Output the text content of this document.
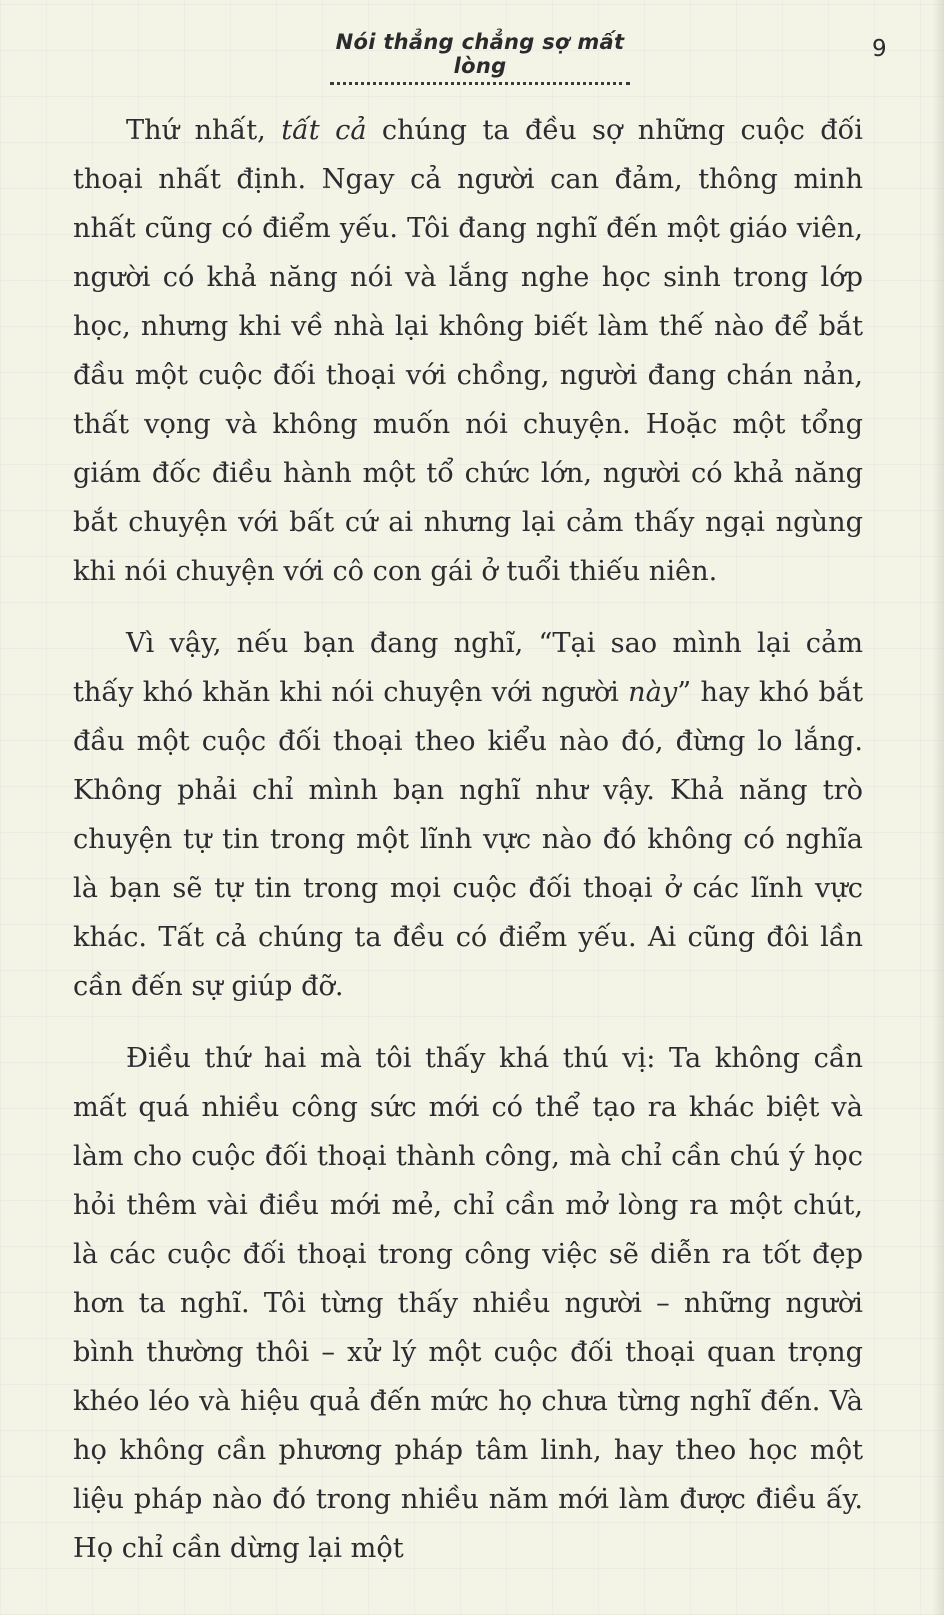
Nói thẳng chẳng sợ mất lòng
9

Thứ nhất, tất cả chúng ta đều sợ những cuộc đối thoại nhất định. Ngay cả người can đảm, thông minh nhất cũng có điểm yếu. Tôi đang nghĩ đến một giáo viên, người có khả năng nói và lắng nghe học sinh trong lớp học, nhưng khi về nhà lại không biết làm thế nào để bắt đầu một cuộc đối thoại với chồng, người đang chán nản, thất vọng và không muốn nói chuyện. Hoặc một tổng giám đốc điều hành một tổ chức lớn, người có khả năng bắt chuyện với bất cứ ai nhưng lại cảm thấy ngại ngùng khi nói chuyện với cô con gái ở tuổi thiếu niên.

Vì vậy, nếu bạn đang nghĩ, “Tại sao mình lại cảm thấy khó khăn khi nói chuyện với người này” hay khó bắt đầu một cuộc đối thoại theo kiểu nào đó, đừng lo lắng. Không phải chỉ mình bạn nghĩ như vậy. Khả năng trò chuyện tự tin trong một lĩnh vực nào đó không có nghĩa là bạn sẽ tự tin trong mọi cuộc đối thoại ở các lĩnh vực khác. Tất cả chúng ta đều có điểm yếu. Ai cũng đôi lần cần đến sự giúp đỡ.

Điều thứ hai mà tôi thấy khá thú vị: Ta không cần mất quá nhiều công sức mới có thể tạo ra khác biệt và làm cho cuộc đối thoại thành công, mà chỉ cần chú ý học hỏi thêm vài điều mới mẻ, chỉ cần mở lòng ra một chút, là các cuộc đối thoại trong công việc sẽ diễn ra tốt đẹp hơn ta nghĩ. Tôi từng thấy nhiều người – những người bình thường thôi – xử lý một cuộc đối thoại quan trọng khéo léo và hiệu quả đến mức họ chưa từng nghĩ đến. Và họ không cần phương pháp tâm linh, hay theo học một liệu pháp nào đó trong nhiều năm mới làm được điều ấy. Họ chỉ cần dừng lại một
